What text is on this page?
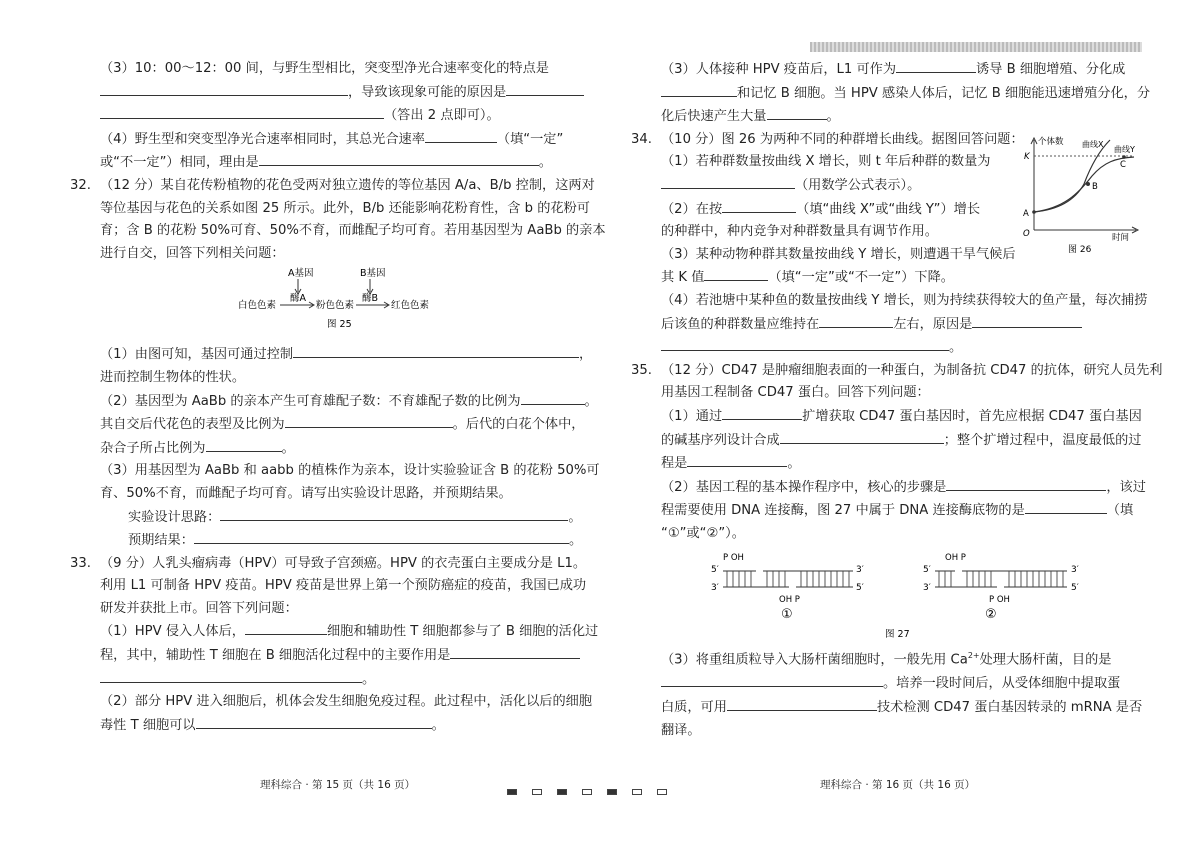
（3）10：00～12：00 间，与野生型相比，突变型净光合速率变化的特点是

，导致该现象可能的原因是

（答出 2 点即可）。

（4）野生型和突变型净光合速率相同时，其总光合速率	（填“一定”

或“不一定”）相同，理由是	。

32. （12 分）某自花传粉植物的花色受两对独立遗传的等位基因 A/a、B/b 控制，这两对

等位基因与花色的关系如图 25 所示。此外，B/b 还能影响花粉育性，含 b 的花粉可

育；含 B 的花粉 50%可育、50%不育，而雌配子均可育。若用基因型为 AaBb 的亲本

进行自交，回答下列相关问题：

A基因	B基因
白色色素
酶A
粉色色素
酶B
红色色素
图 25

（1）由图可知，基因可通过控制	，

进而控制生物体的性状。

（2）基因型为 AaBb 的亲本产生可育雄配子数：不育雄配子数的比例为	。

其自交后代花色的表型及比例为	。后代的白花个体中，

杂合子所占比例为	。

（3）用基因型为 AaBb 和 aabb 的植株作为亲本，设计实验验证含 B 的花粉 50%可

育、50%不育，而雌配子均可育。请写出实验设计思路，并预期结果。

实验设计思路：	。

预期结果：	。

33. （9 分）人乳头瘤病毒（HPV）可导致子宫颈癌。HPV 的衣壳蛋白主要成分是 L1。

利用 L1 可制备 HPV 疫苗。HPV 疫苗是世界上第一个预防癌症的疫苗，我国已成功

研发并获批上市。回答下列问题：

（1）HPV 侵入人体后，	细胞和辅助性 T 细胞都参与了 B 细胞的活化过

程，其中，辅助性 T 细胞在 B 细胞活化过程中的主要作用是

。

（2）部分 HPV 进入细胞后，机体会发生细胞免疫过程。此过程中，活化以后的细胞

毒性 T 细胞可以	。

（3）人体接种 HPV 疫苗后，L1 可作为	诱导 B 细胞增殖、分化成

和记忆 B 细胞。当 HPV 感染人体后，记忆 B 细胞能迅速增殖分化，分

化后快速产生大量	。

34. （10 分）图 26 为两种不同的种群增长曲线。据图回答问题：

（1）若种群数量按曲线 X 增长，则 t 年后种群的数量为

（用数学公式表示）。

（2）在按	（填“曲线 X”或“曲线 Y”）增长

的种群中，种内竞争对种群数量具有调节作用。

（3）某种动物种群其数量按曲线 Y 增长，则遭遇干旱气候后

其 K 值	（填“一定”或“不一定”）下降。

（4）若池塘中某种鱼的数量按曲线 Y 增长，则为持续获得较大的鱼产量，每次捕捞

后该鱼的种群数量应维持在	左右，原因是

。

35. （12 分）CD47 是肿瘤细胞表面的一种蛋白，为制备抗 CD47 的抗体，研究人员先利

用基因工程制备 CD47 蛋白。回答下列问题：

（1）通过	扩增获取 CD47 蛋白基因时，首先应根据 CD47 蛋白基因

的碱基序列设计合成	；整个扩增过程中，温度最低的过

程是	。

（2）基因工程的基本操作程序中，核心的步骤是	，该过

程需要使用 DNA 连接酶，图 27 中属于 DNA 连接酶底物的是	（填

“①”或“②”）。

P OH
5′	3′
3′	5′
OH P
①
OH P
5′	3′
3′	5′
P OH
②
图 27

（3）将重组质粒导入大肠杆菌细胞时，一般先用 $Ca^{2+}$处理大肠杆菌，目的是

。培养一段时间后，从受体细胞中提取蛋

白质，可用	技术检测 CD47 蛋白基因转录的 mRNA 是否

翻译。

个体数 曲线X
曲线Y
K
B
C
A
O	时间
图 26
理科综合 · 第 15 页（共 16 页）	理科综合 · 第 16 页（共 16 页）
